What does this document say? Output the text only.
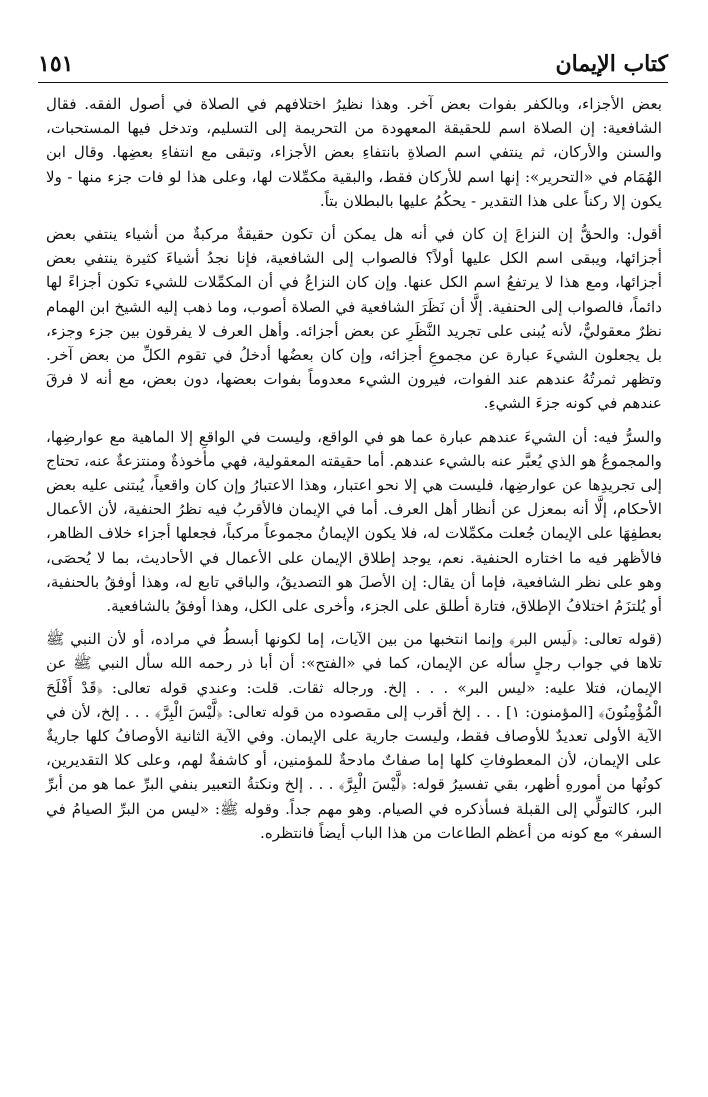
كتاب الإيمان
١٥١

بعض الأجزاء، وبالكفر بفوات بعض آخر. وهذا نظيرُ اختلافهم في الصلاة في أصول الفقه. فقال الشافعية: إن الصلاة اسم للحقيقة المعهودة من التحريمة إلى التسليم، وتدخل فيها المستحبات، والسنن والأركان، ثم ينتفي اسم الصلاةِ بانتفاءِ بعض الأجزاء، وتبقى مع انتفاءِ بعضِها. وقال ابن الهُمَام في «التحرير»: إنها اسم للأركان فقط، والبقية مكمِّلات لها، وعلى هذا لو فات جزء منها - ولا يكون إلا ركناً على هذا التقدير - يحكُمُ عليها بالبطلان بتاً.

أقول: والحقُّ إن النزاعَ إن كان في أنه هل يمكن أن تكون حقيقةٌ مركبةٌ من أشياء ينتفي بعض أجزائها، ويبقى اسم الكل عليها أولاً؟ فالصواب إلى الشافعية، فإنا نجدُ أشياءَ كثيرة ينتفي بعض أجزائها، ومع هذا لا يرتفعُ اسم الكل عنها. وإن كان النزاعُ في أن المكمِّلات للشيء تكون أجزاءً لها دائماً، فالصواب إلى الحنفية. إلَّا أن نَظَرَ الشافعية في الصلاة أصوب، وما ذهب إليه الشيخ ابن الهمام نظرٌ معقوليٌّ، لأنه يُبنى على تجريد النَّظَرِ عن بعض أجزائه. وأهل العرف لا يفرقون بين جزء وجزء، بل يجعلون الشيءَ عبارة عن مجموعِ أجزائه، وإن كان بعضُها أدخلُ في تقوم الكلِّ من بعض آخر. وتظهر ثمرتُهُ عندهم عند الفوات، فيرون الشيء معدوماً بفوات بعضها، دون بعض، مع أنه لا فرقَ عندهم في كونه جزءَ الشيءِ.

والسرُّ فيه: أن الشيءَ عندهم عبارة عما هو في الواقع، وليست في الواقعِ إلا الماهية مع عوارضِها، والمجموعُ هو الذي يُعبَّر عنه بالشيء عندهم. أما حقيقته المعقولية، فهي مأخوذةٌ ومنتزعةٌ عنه، تحتاج إلى تجريدِها عن عوارضِها، فليست هي إلا نحو اعتبار، وهذا الاعتبارُ وإن كان واقعياً، يُبتنى عليه بعض الأحكام، إلَّا أنه بمعزل عن أنظار أهل العرف. أما في الإيمان فالأقربُ فيه نظرُ الحنفية، لأن الأعمال بعطفِهَا على الإيمان جُعلت مكمِّلات له، فلا يكون الإيمانُ مجموعاً مركباً، فجعلها أجزاء خلاف الظاهر، فالأظهر فيه ما اختاره الحنفية. نعم، يوجد إطلاق الإيمان على الأعمال في الأحاديث، بما لا يُحصَى، وهو على نظر الشافعية، فإما أن يقال: إن الأصلَ هو التصديقُ، والباقي تابع له، وهذا أوفقُ بالحنفية، أو يُلتزَمُ اختلافُ الإطلاق، فتارة أطلق على الجزء، وأخرى على الكل، وهذا أوفقُ بالشافعية.

(قوله تعالى: ﴿لَيس البر﴾ وإنما انتخبها من بين الآيات، إما لكونها أبسطُ في مراده، أو لأن النبي ﷺ تلاها في جواب رجلٍ سأله عن الإيمان، كما في «الفتح»: أن أبا ذر رحمه الله سأل النبي ﷺ عن الإيمان، فتلا عليه: «ليس البر» . . . إلخ. ورجاله ثقات. قلت: وعندي قوله تعالى: ﴿قَدْ أَفْلَحَ الْمُؤْمِنُونَ﴾ [المؤمنون: ١] . . . إلخ أقرب إلى مقصوده من قوله تعالى: ﴿لَّيْسَ الْبِرَّ﴾ . . . إلخ، لأن في الآية الأولى تعديدٌ للأوصاف فقط، وليست جارية على الإيمان. وفي الآية الثانية الأوصافُ كلها جاريةٌ على الإيمان، لأن المعطوفاتِ كلها إما صفاتٌ مادحةٌ للمؤمنين، أو كاشفةٌ لهم، وعلى كلا التقديرين، كونُها من أمورهِ أظهر، بقي تفسيرُ قوله: ﴿لَّيْسَ الْبِرَّ﴾ . . . إلخ ونكتةُ التعبير بنفي البرِّ عما هو من أبرِّ البر، كالتولِّي إلى القبلة فسأذكره في الصيام. وهو مهم جداً. وقوله ﷺ: «ليس من البرِّ الصيامُ في السفر» مع كونه من أعظم الطاعات من هذا الباب أيضاً فانتظره.
